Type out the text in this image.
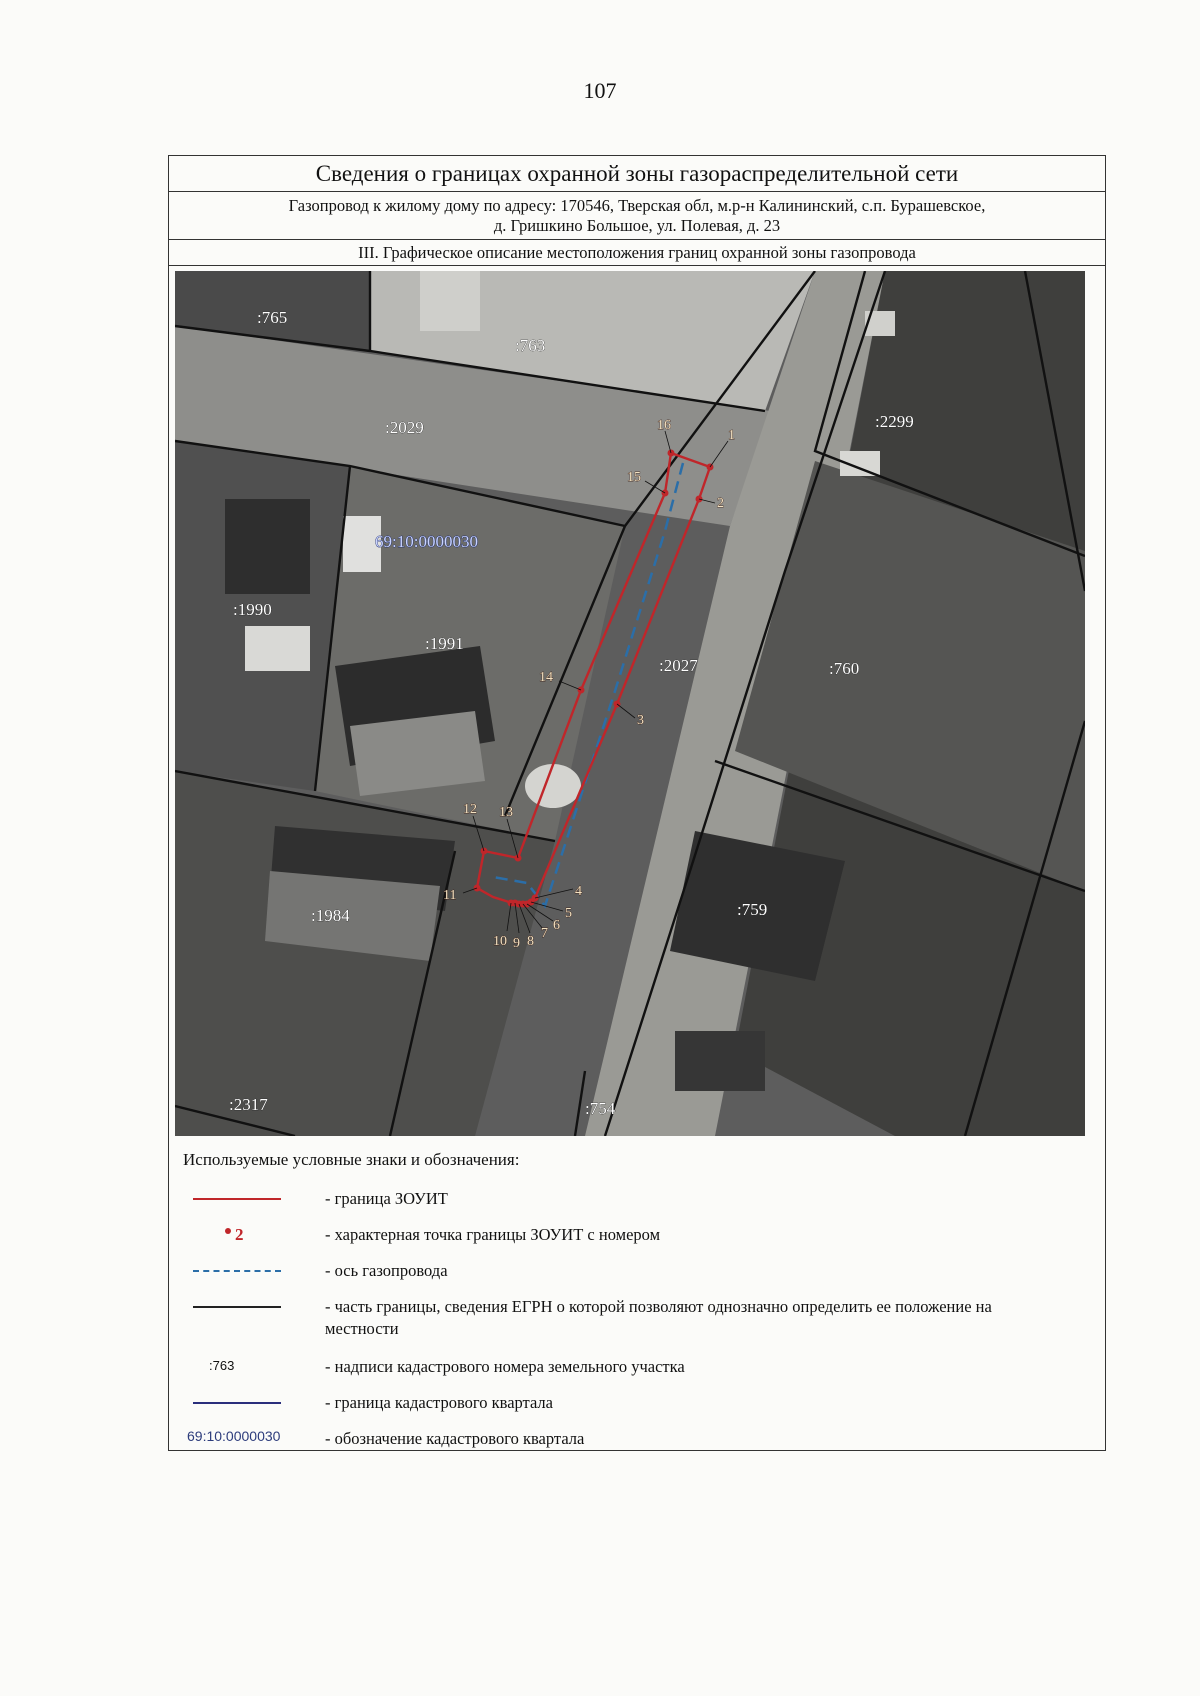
107
Сведения о границах охранной зоны газораспределительной сети
Газопровод к жилому дому по адресу: 170546, Тверская обл, м.р-н Калининский, с.п. Бурашевское,
д. Гришкино Большое, ул. Полевая, д. 23
III. Графическое описание местоположения границ охранной зоны газопровода
1
2
3
4
5
6
7
8
9
10
11
12 13
14
15
16
:765
:763
:2029	:2299
:1990
:1991
:2027	:760
:1984	:759
:2317	:754
69:10:0000030
Используемые условные знаки и обозначения:
- граница ЗОУИТ
2	- характерная точка границы ЗОУИТ с номером
- ось газопровода
- часть границы, сведения ЕГРН о которой позволяют однозначно определить ее положение на местности
:763	- надписи кадастрового номера земельного участка
- граница кадастрового квартала
69:10:0000030	- обозначение кадастрового квартала
